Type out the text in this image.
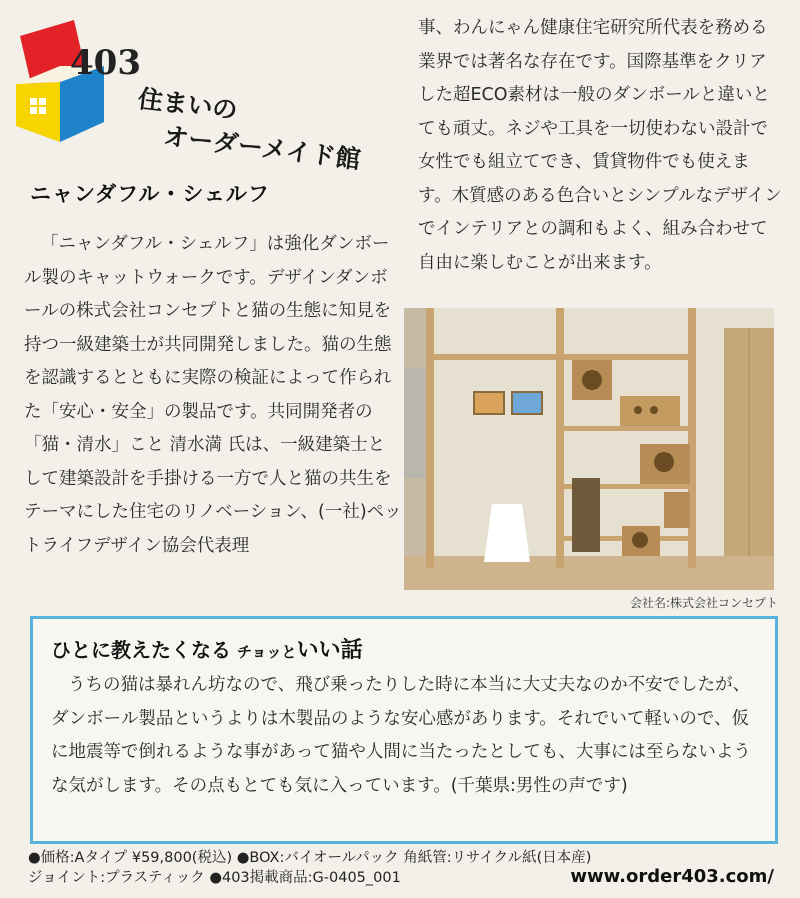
403
住まいの
オーダーメイド館
ニャンダフル・シェルフ
「ニャンダフル・シェルフ」は強化ダンボール製のキャットウォークです。デザインダンボールの株式会社コンセプトと猫の生態に知見を持つ一級建築士が共同開発しました。猫の生態を認識するとともに実際の検証によって作られた「安心・安全」の製品です。共同開発者の「猫・清水」こと 清水満 氏は、一級建築士として建築設計を手掛ける一方で人と猫の共生をテーマにした住宅のリノベーション、(一社)ペットライフデザイン協会代表理
事、わんにゃん健康住宅研究所代表を務める業界では著名な存在です。国際基準をクリアした超ECO素材は一般のダンボールと違いとても頑丈。ネジや工具を一切使わない設計で女性でも組立てでき、賃貸物件でも使えます。木質感のある色合いとシンプルなデザインでインテリアとの調和もよく、組み合わせて自由に楽しむことが出来ます。
会社名:株式会社コンセプト
ひとに教えたくなる チョッといい話
うちの猫は暴れん坊なので、飛び乗ったりした時に本当に大丈夫なのか不安でしたが、ダンボール製品というよりは木製品のような安心感があります。それでいて軽いので、仮に地震等で倒れるような事があって猫や人間に当たったとしても、大事には至らないような気がします。その点もとても気に入っています。(千葉県:男性の声です)
●価格:Aタイプ ¥59,800(税込) ●BOX:バイオールパック 角紙管:リサイクル紙(日本産)
ジョイント:プラスティック ●403掲載商品:G-0405_001	www.order403.com/
